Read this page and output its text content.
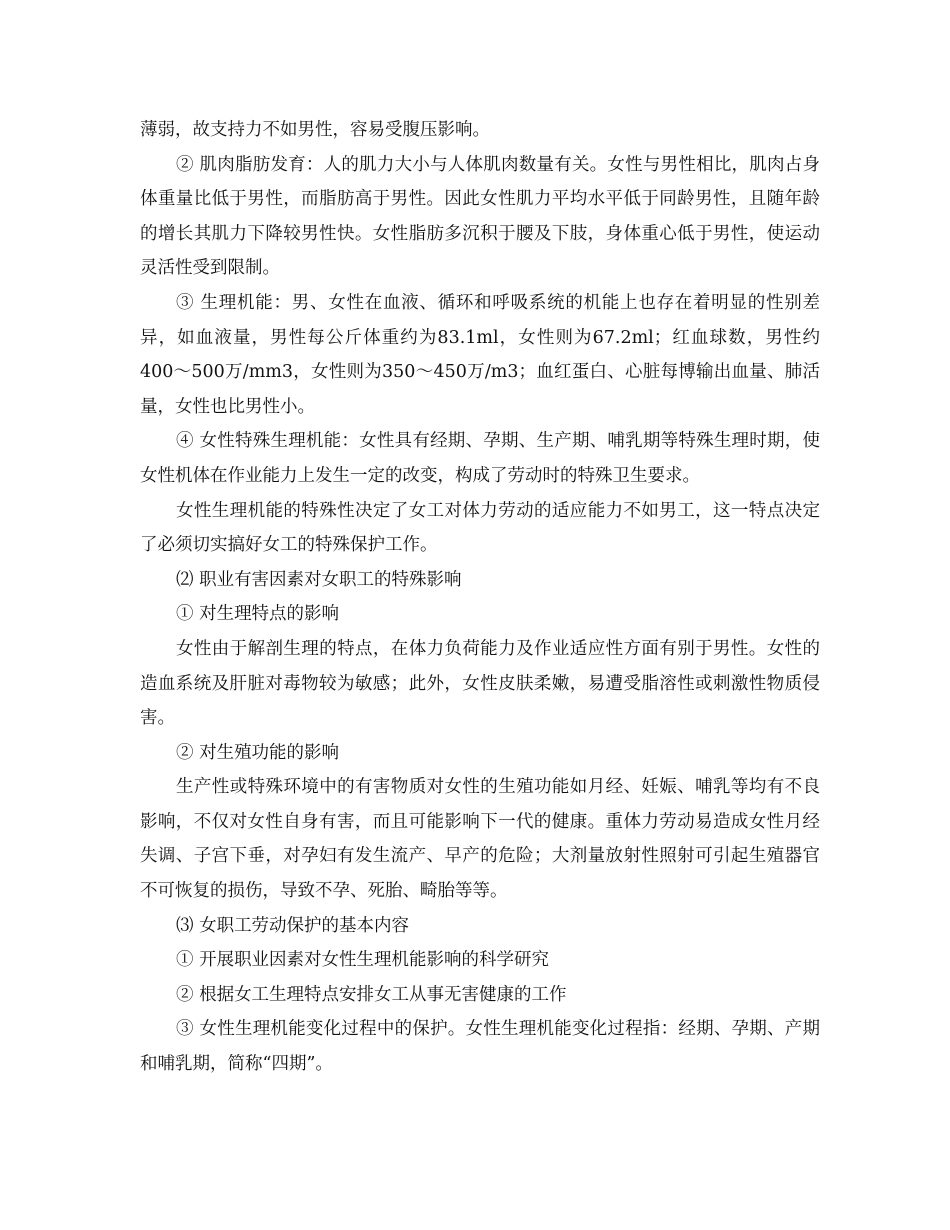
薄弱，故支持力不如男性，容易受腹压影响。

② 肌肉脂肪发育：人的肌力大小与人体肌肉数量有关。女性与男性相比，肌肉占身体重量比低于男性，而脂肪高于男性。因此女性肌力平均水平低于同龄男性，且随年龄的增长其肌力下降较男性快。女性脂肪多沉积于腰及下肢，身体重心低于男性，使运动灵活性受到限制。

③ 生理机能：男、女性在血液、循环和呼吸系统的机能上也存在着明显的性别差异，如血液量，男性每公斤体重约为83.1ml，女性则为67.2ml；红血球数，男性约400～500万/mm3，女性则为350～450万/m3；血红蛋白、心脏每博输出血量、肺活量，女性也比男性小。

④ 女性特殊生理机能：女性具有经期、孕期、生产期、哺乳期等特殊生理时期，使女性机体在作业能力上发生一定的改变，构成了劳动时的特殊卫生要求。

女性生理机能的特殊性决定了女工对体力劳动的适应能力不如男工，这一特点决定了必须切实搞好女工的特殊保护工作。

⑵ 职业有害因素对女职工的特殊影响

① 对生理特点的影响

女性由于解剖生理的特点，在体力负荷能力及作业适应性方面有别于男性。女性的造血系统及肝脏对毒物较为敏感；此外，女性皮肤柔嫩，易遭受脂溶性或刺激性物质侵害。

② 对生殖功能的影响

生产性或特殊环境中的有害物质对女性的生殖功能如月经、妊娠、哺乳等均有不良影响，不仅对女性自身有害，而且可能影响下一代的健康。重体力劳动易造成女性月经失调、子宫下垂，对孕妇有发生流产、早产的危险；大剂量放射性照射可引起生殖器官不可恢复的损伤，导致不孕、死胎、畸胎等等。

⑶ 女职工劳动保护的基本内容

① 开展职业因素对女性生理机能影响的科学研究

② 根据女工生理特点安排女工从事无害健康的工作

③ 女性生理机能变化过程中的保护。女性生理机能变化过程指：经期、孕期、产期和哺乳期，简称“四期”。
